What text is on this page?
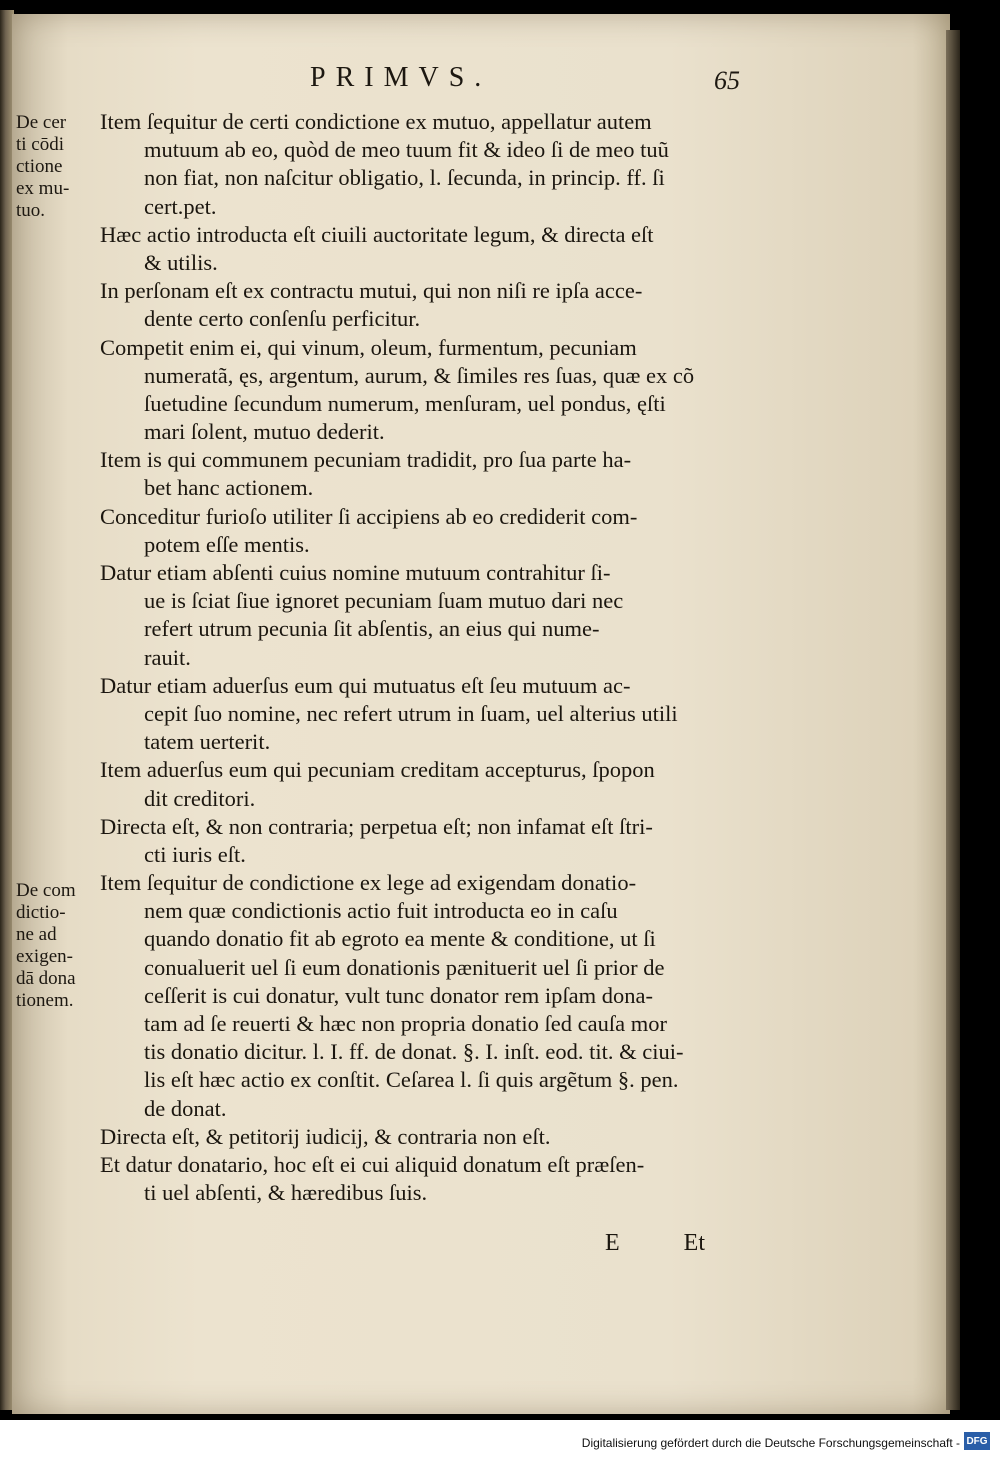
PRIMVS.	65
De cer
ti cōdi
ctione
ex mu-
tuo.
De com
dictio-
ne ad
exigen-
dā dona
tionem.
Item ſequitur de certi condictione ex mutuo, appellatur autem
mutuum ab eo, quòd de meo tuum fit & ideo ſi de meo tuũ
non fiat, non naſcitur obligatio, l. ſecunda, in princip. ff. ſi
cert.pet.
Hæc actio introducta eſt ciuili auctoritate legum, & directa eſt
& utilis.
In perſonam eſt ex contractu mutui, qui non niſi re ipſa acce-
dente certo conſenſu perficitur.
Competit enim ei, qui vinum, oleum, furmentum, pecuniam
numeratã, ęs, argentum, aurum, & ſimiles res ſuas, quæ ex cõ
ſuetudine ſecundum numerum, menſuram, uel pondus, ęſti
mari ſolent, mutuo dederit.
Item is qui communem pecuniam tradidit, pro ſua parte ha-
bet hanc actionem.
Conceditur furioſo utiliter ſi accipiens ab eo crediderit com-
potem eſſe mentis.
Datur etiam abſenti cuius nomine mutuum contrahitur ſi-
ue is ſciat ſiue ignoret pecuniam ſuam mutuo dari nec
refert utrum pecunia ſit abſentis, an eius qui nume-
rauit.
Datur etiam aduerſus eum qui mutuatus eſt ſeu mutuum ac-
cepit ſuo nomine, nec refert utrum in ſuam, uel alterius utili
tatem uerterit.
Item aduerſus eum qui pecuniam creditam accepturus, ſpopon
dit creditori.
Directa eſt, & non contraria; perpetua eſt; non infamat eſt ſtri-
cti iuris eſt.
Item ſequitur de condictione ex lege ad exigendam donatio-
nem quæ condictionis actio fuit introducta eo in caſu
quando donatio fit ab egroto ea mente & conditione, ut ſi
conualuerit uel ſi eum donationis pænituerit uel ſi prior de
ceſſerit is cui donatur, vult tunc donator rem ipſam dona-
tam ad ſe reuerti & hæc non propria donatio ſed cauſa mor
tis donatio dicitur. l. I. ff. de donat. §. I. inſt. eod. tit. & ciui-
lis eſt hæc actio ex conſtit. Ceſarea l. ſi quis argẽtum §. pen.
de donat.
Directa eſt, & petitorij iudicij, & contraria non eſt.
Et datur donatario, hoc eſt ei cui aliquid donatum eſt præſen-
ti uel abſenti, & hæredibus ſuis.
E	Et
Digitalisierung gefördert durch die Deutsche Forschungsgemeinschaft - DFG
